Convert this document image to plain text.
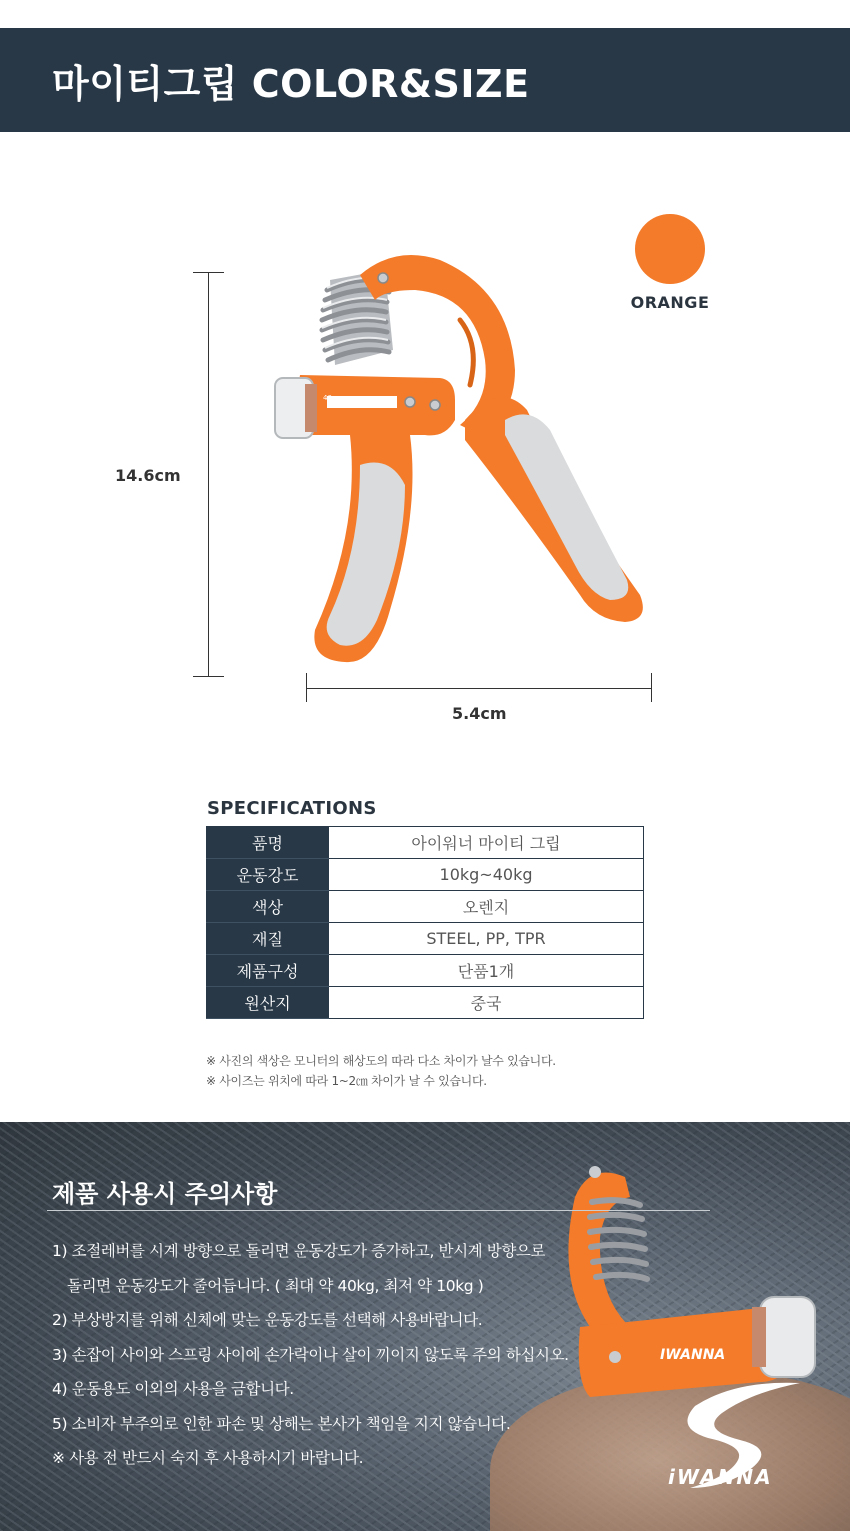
마이티그립 COLOR&SIZE
14.6cm
5.4cm
40
10
ORANGE
SPECIFICATIONS
품명	아이워너 마이티 그립
운동강도	10kg~40kg
색상	오렌지
재질	STEEL, PP, TPR
제품구성	단품1개
원산지	중국
※ 사진의 색상은 모니터의 해상도의 따라 다소 차이가 날수 있습니다.
※ 사이즈는 위치에 따라 1~2㎝ 차이가 날 수 있습니다.
IWANNA
제품 사용시 주의사항
1) 조절레버를 시계 방향으로 돌리면 운동강도가 증가하고, 반시계 방향으로
돌리면 운동강도가 줄어듭니다. ( 최대 약 40kg, 최저 약 10kg )
2) 부상방지를 위해 신체에 맞는 운동강도를 선택해 사용바랍니다.
3) 손잡이 사이와 스프링 사이에 손가락이나 살이 끼이지 않도록 주의 하십시오.
4) 운동용도 이외의 사용을 금합니다.
5) 소비자 부주의로 인한 파손 및 상해는 본사가 책임을 지지 않습니다.
※ 사용 전 반드시 숙지 후 사용하시기 바랍니다.
iWANNA
